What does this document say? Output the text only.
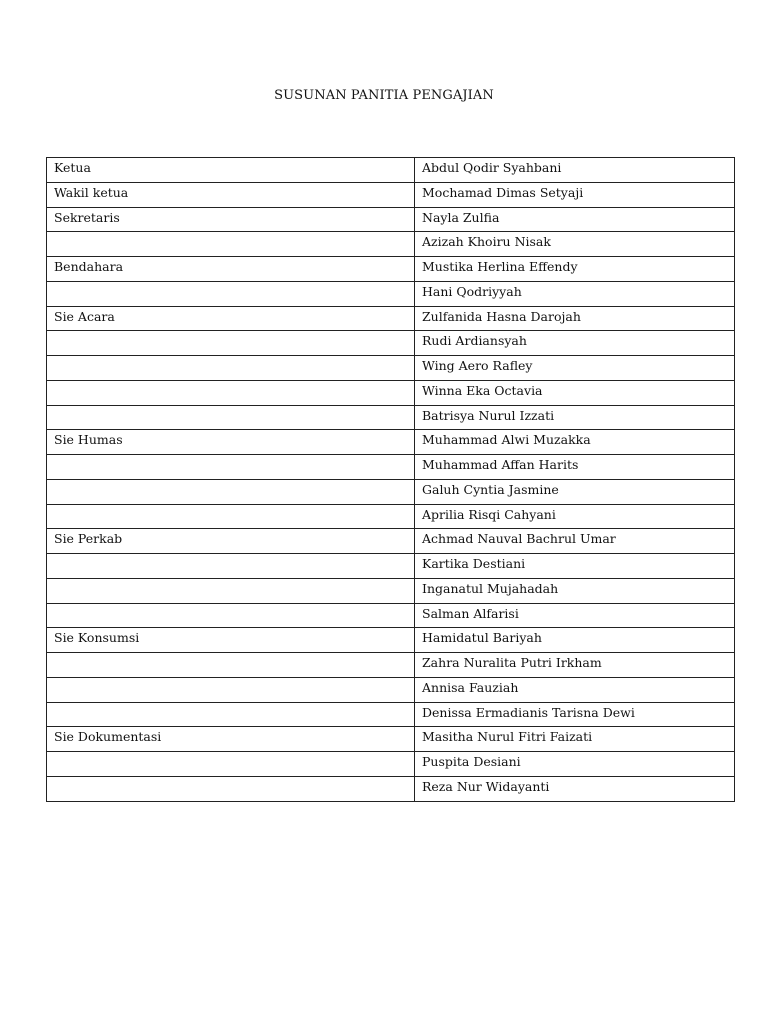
SUSUNAN PANITIA PENGAJIAN
Ketua	Abdul Qodir Syahbani
Wakil ketua	Mochamad Dimas Setyaji
Sekretaris	Nayla Zulfia
	Azizah Khoiru Nisak
Bendahara	Mustika Herlina Effendy
	Hani Qodriyyah
Sie Acara	Zulfanida Hasna Darojah
	Rudi Ardiansyah
	Wing Aero Rafley
	Winna Eka Octavia
	Batrisya Nurul Izzati
Sie Humas	Muhammad Alwi Muzakka
	Muhammad Affan Harits
	Galuh Cyntia Jasmine
	Aprilia Risqi Cahyani
Sie Perkab	Achmad Nauval Bachrul Umar
	Kartika Destiani
	Inganatul Mujahadah
	Salman Alfarisi
Sie Konsumsi	Hamidatul Bariyah
	Zahra Nuralita Putri Irkham
	Annisa Fauziah
	Denissa Ermadianis Tarisna Dewi
Sie Dokumentasi	Masitha Nurul Fitri Faizati
	Puspita Desiani
	Reza Nur Widayanti
